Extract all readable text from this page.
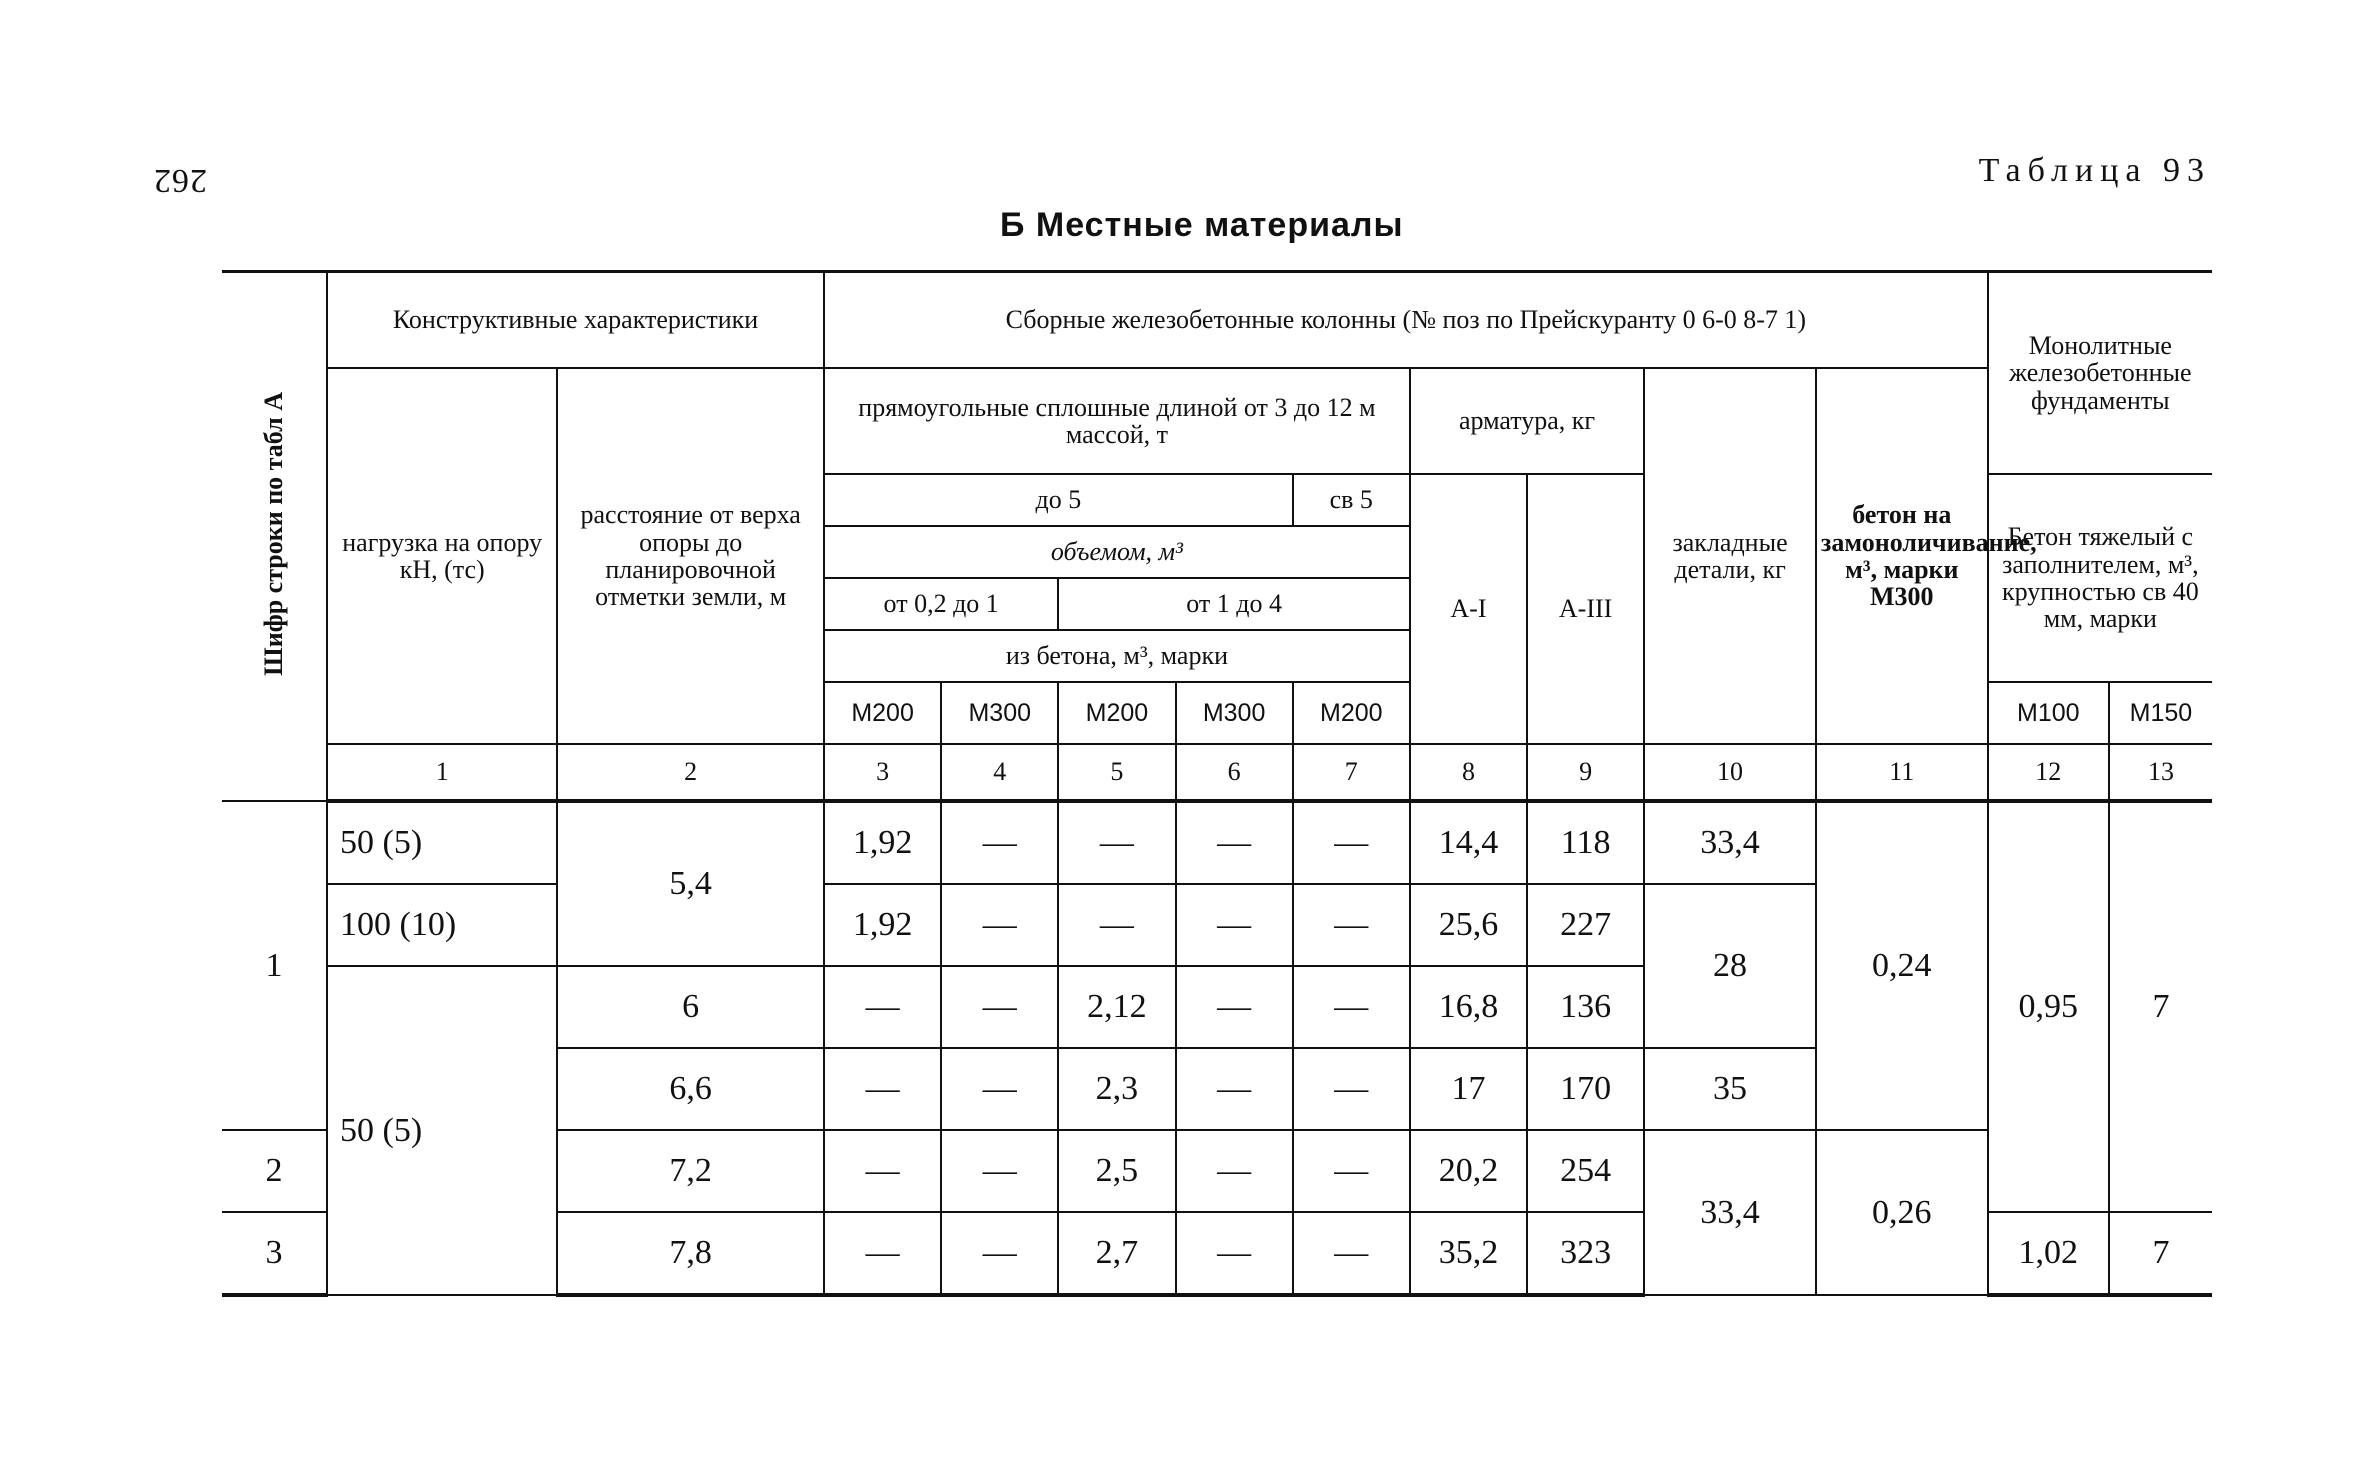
262	Таблица 93
Б Местные материалы
Шифр строки по табл А	Конструктивные характеристики		Сборные железобетонные колонны (№ поз по Прейскуранту 0 6-0 8-7 1)									Монолитные железобетонные фундаменты	
	нагрузка на опору кН, (тс)	расстояние от верха опоры до планировочной отметки земли, м	прямоугольные сплошные длиной от 3 до 12 м массой, т					арматура, кг		закладные детали, кг	бетон на замоноличивание, м³, марки М300		
			до 5				св 5	А-I	А-III			Бетон тяжелый с заполнителем, м³, крупностью св 40 мм, марки	
			объемом, м³										
			от 0,2 до 1		от 1 до 4								
			из бетона, м³, марки										
			М200	М300	М200	М300	М200					М100	М150
	1	2	3	4	5	6	7	8	9	10	11	12	13
1	50 (5)	5,4	1,92	—	—	—	—	14,4	118	33,4	0,24	0,95	7
	100 (10)		1,92	—	—	—	—	25,6	227	28			
	50 (5)	6	—	—	2,12	—	—	16,8	136				
		6,6	—	—	2,3	—	—	17	170	35			
2		7,2	—	—	2,5	—	—	20,2	254	33,4	0,26		
3		7,8	—	—	2,7	—	—	35,2	323			1,02	7
